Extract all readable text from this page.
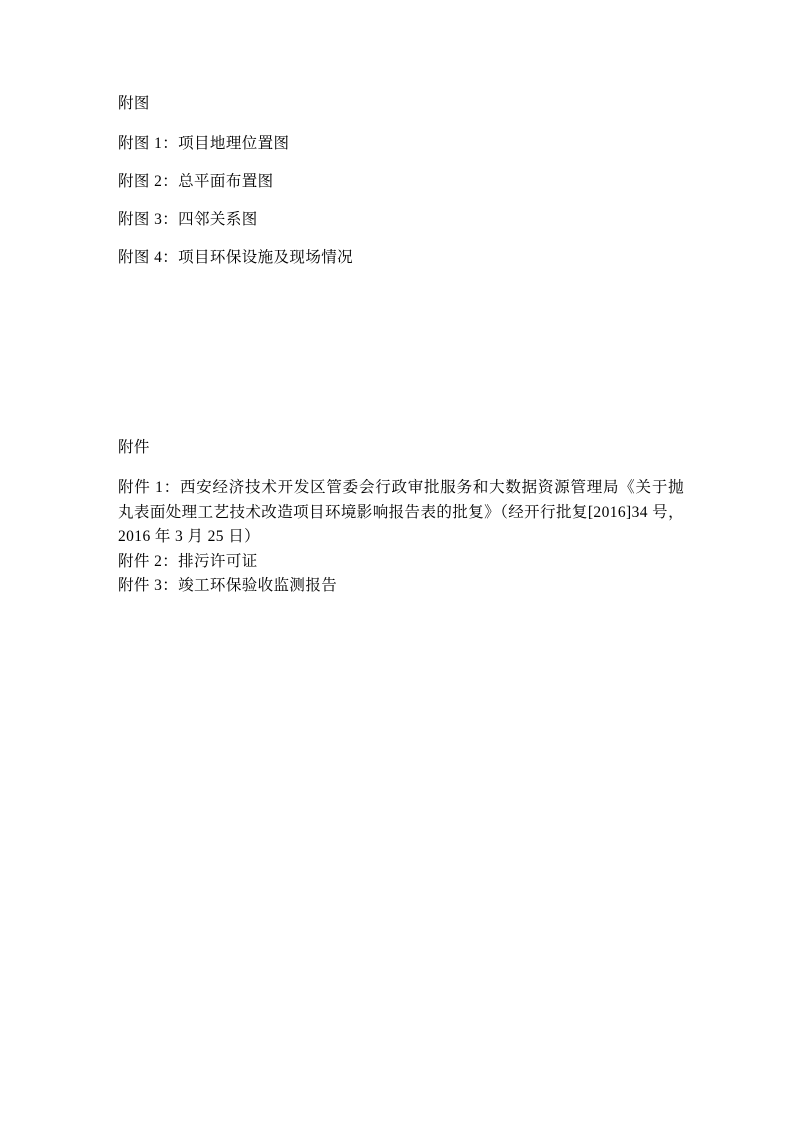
附图
附图 1：项目地理位置图
附图 2：总平面布置图
附图 3：四邻关系图
附图 4：项目环保设施及现场情况
附件
附件 1：西安经济技术开发区管委会行政审批服务和大数据资源管理局《关于抛丸表面处理工艺技术改造项目环境影响报告表的批复》（经开行批复[2016]34 号，2016 年 3 月 25 日）
附件 2：排污许可证
附件 3：竣工环保验收监测报告
